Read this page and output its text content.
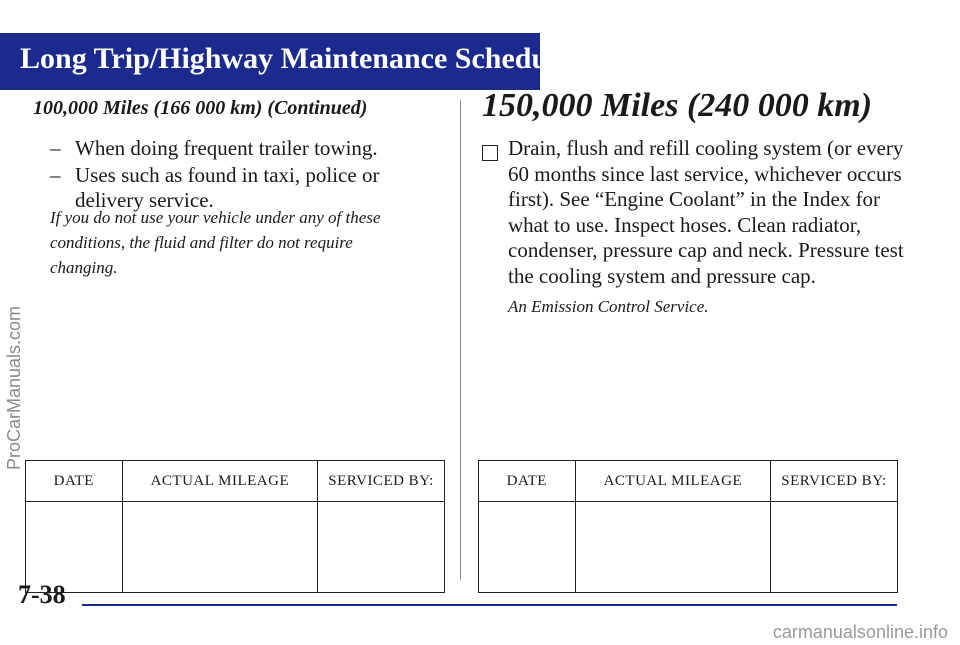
Long Trip/Highway Maintenance Schedule
100,000 Miles (166 000 km) (Continued)
– When doing frequent trailer towing.
– Uses such as found in taxi, police or
delivery service.
If you do not use your vehicle under any of these conditions, the fluid and filter do not require changing.
DATE	ACTUAL MILEAGE	SERVICED BY:

150,000 Miles (240 000 km)
Drain, flush and refill cooling system (or every 60 months since last service, whichever occurs first). See “Engine Coolant” in the Index for what to use. Inspect hoses. Clean radiator, condenser, pressure cap and neck. Pressure test the cooling system and pressure cap.
An Emission Control Service.
DATE	ACTUAL MILEAGE	SERVICED BY:

7-38
ProCarManuals.com
carmanualsonline.info
